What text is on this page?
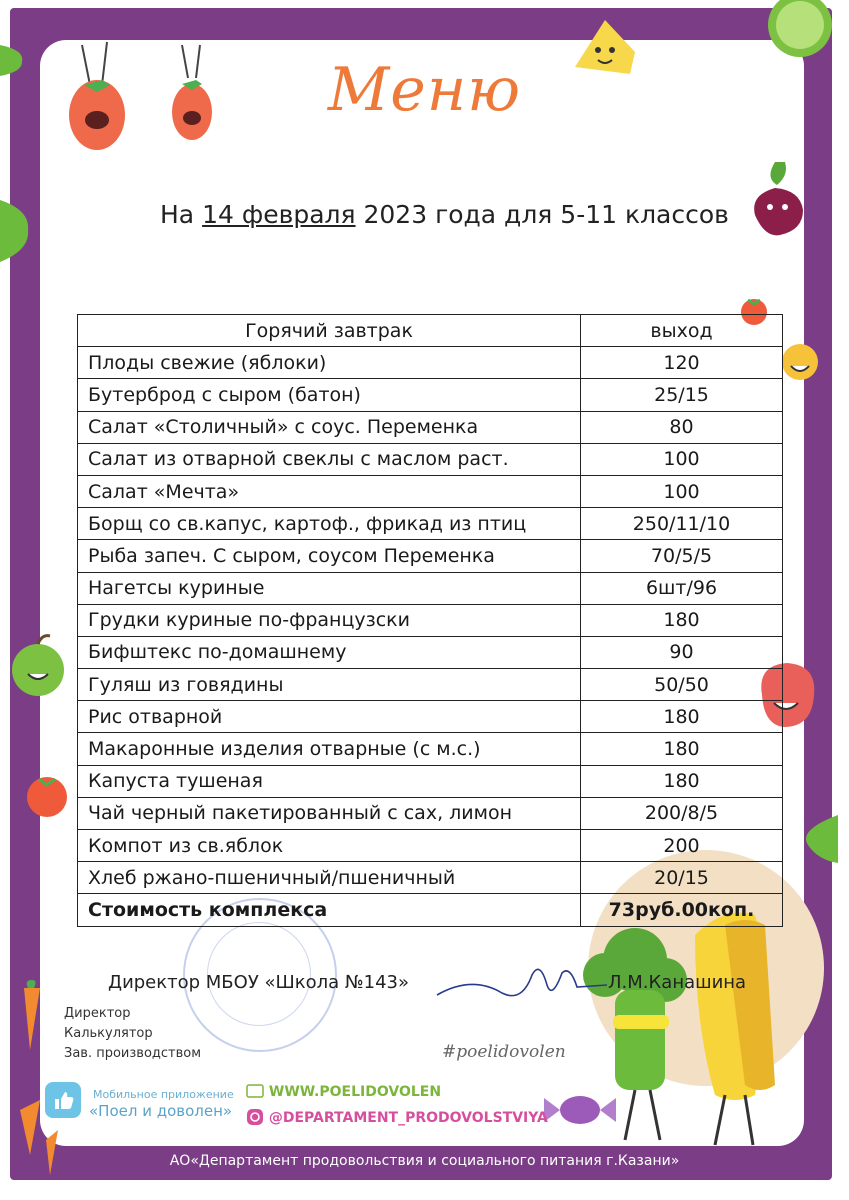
Меню
На 14 февраля 2023 года для 5-11 классов
Горячий завтрак	выход
Плоды свежие (яблоки)	120
Бутерброд с сыром (батон)	25/15
Салат «Столичный» с соус. Переменка	80
Салат из отварной свеклы с маслом раст.	100
Салат «Мечта»	100
Борщ со св.капус, картоф., фрикад из птиц	250/11/10
Рыба запеч. С сыром, соусом Переменка	70/5/5
Нагетсы куриные	6шт/96
Грудки куриные по-французски	180
Бифштекс по-домашнему	90
Гуляш из говядины	50/50
Рис отварной	180
Макаронные изделия отварные (с м.с.)	180
Капуста тушеная	180
Чай черный пакетированный с сах, лимон	200/8/5
Компот из св.яблок	200
Хлеб ржано-пшеничный/пшеничный	20/15
Стоимость комплекса	73руб.00коп.
Директор МБОУ «Школа №143»	Л.М.Канашина
Директор
Калькулятор
Зав. производством
Мобильное приложение
«Поел и доволен»
WWW.POELIDOVOLEN
@DEPARTAMENT_PRODOVOLSTVIYA
#poelidovolen
АО«Департамент продовольствия и социального питания г.Казани»
